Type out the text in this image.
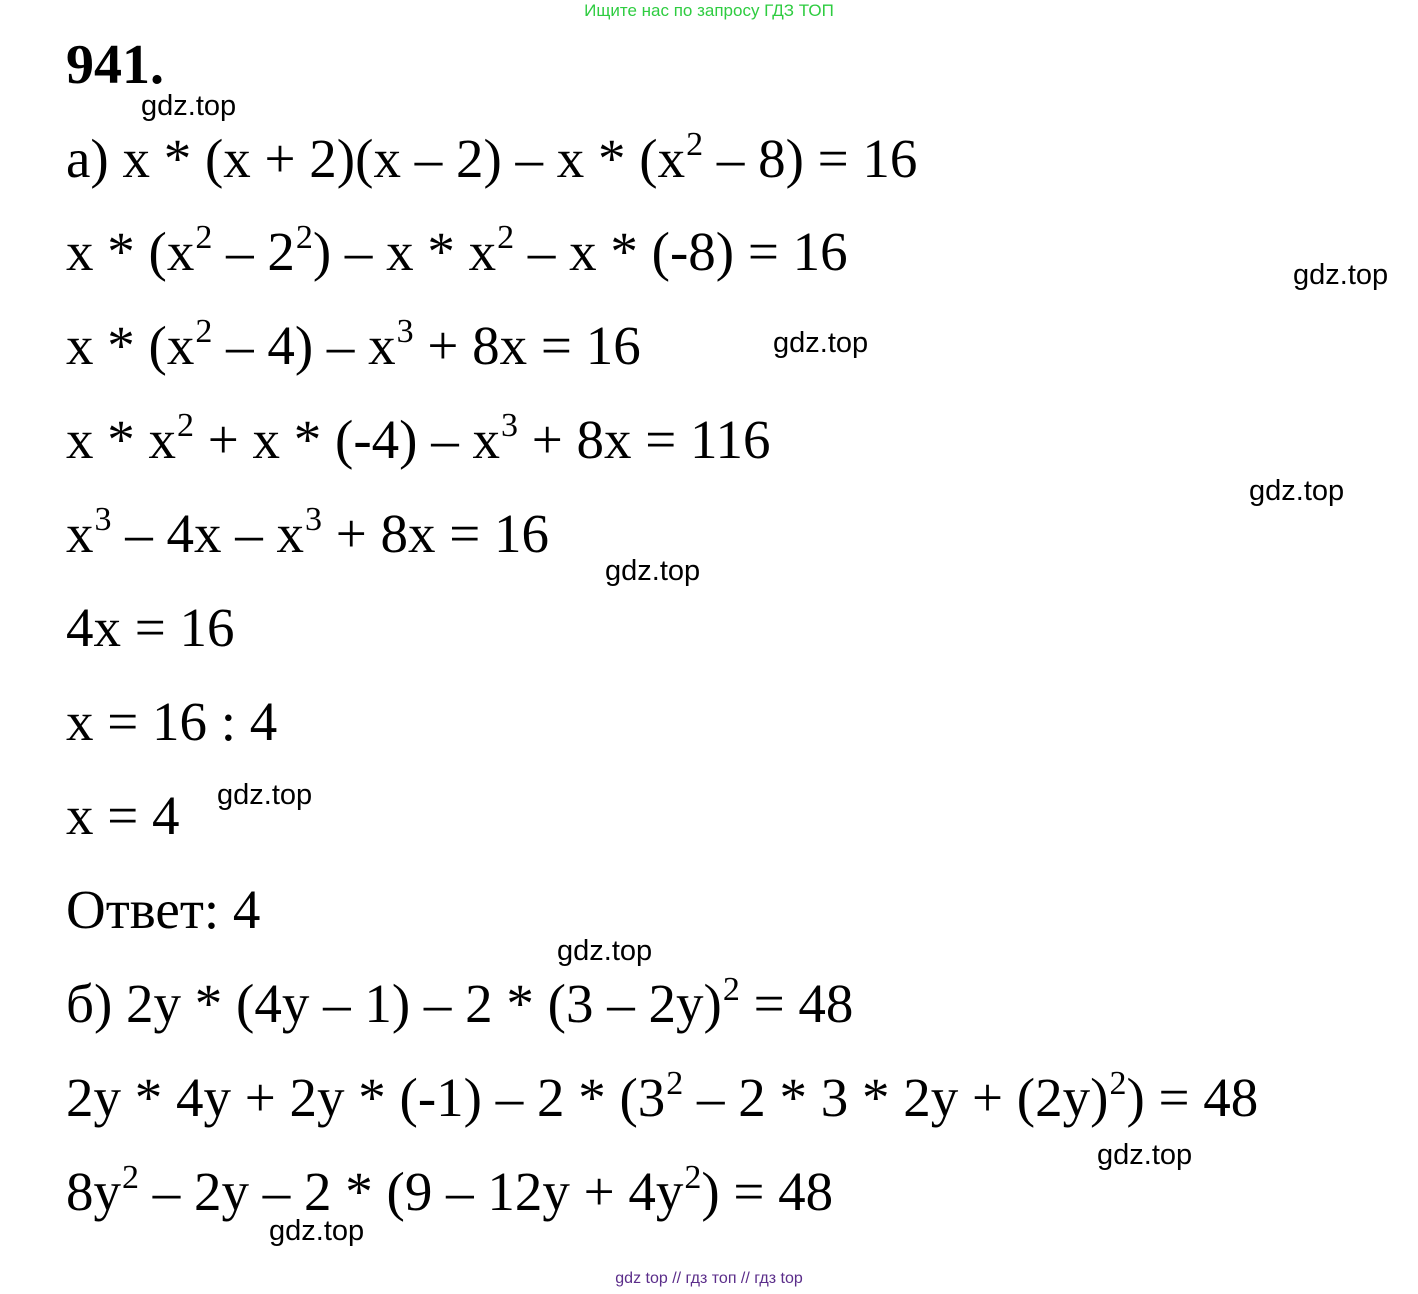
Ищите нас по запросу ГДЗ ТОП
941.
а) $x * (x + 2)(x - 2) - x * (x^2 - 8) = 16$
$x * (x^2 - 2^2) - x * x^2 - x * (-8) = 16$
$x * (x^2 - 4) - x^3 + 8x = 16$
$x * x^2 + x * (-4) - x^3 + 8x = 116$
$x^3 - 4x - x^3 + 8x = 16$
4x = 16
x = 16 : 4
x = 4
Ответ: 4
б) 2y * (4y – 1) – 2 * (3 – 2y)$^2$ = 48
$2y * 4y + 2y * (-1) - 2 * (3^2 - 2 * 3 * 2y + (2y)^2) = 48$
$8y^2 - 2y - 2 * (9 - 12y + 4y^2) = 48$
gdz.top
gdz.top
gdz.top
gdz.top
gdz.top
gdz.top
gdz.top
gdz.top
gdz.top
gdz top // гдз топ // гдз top
